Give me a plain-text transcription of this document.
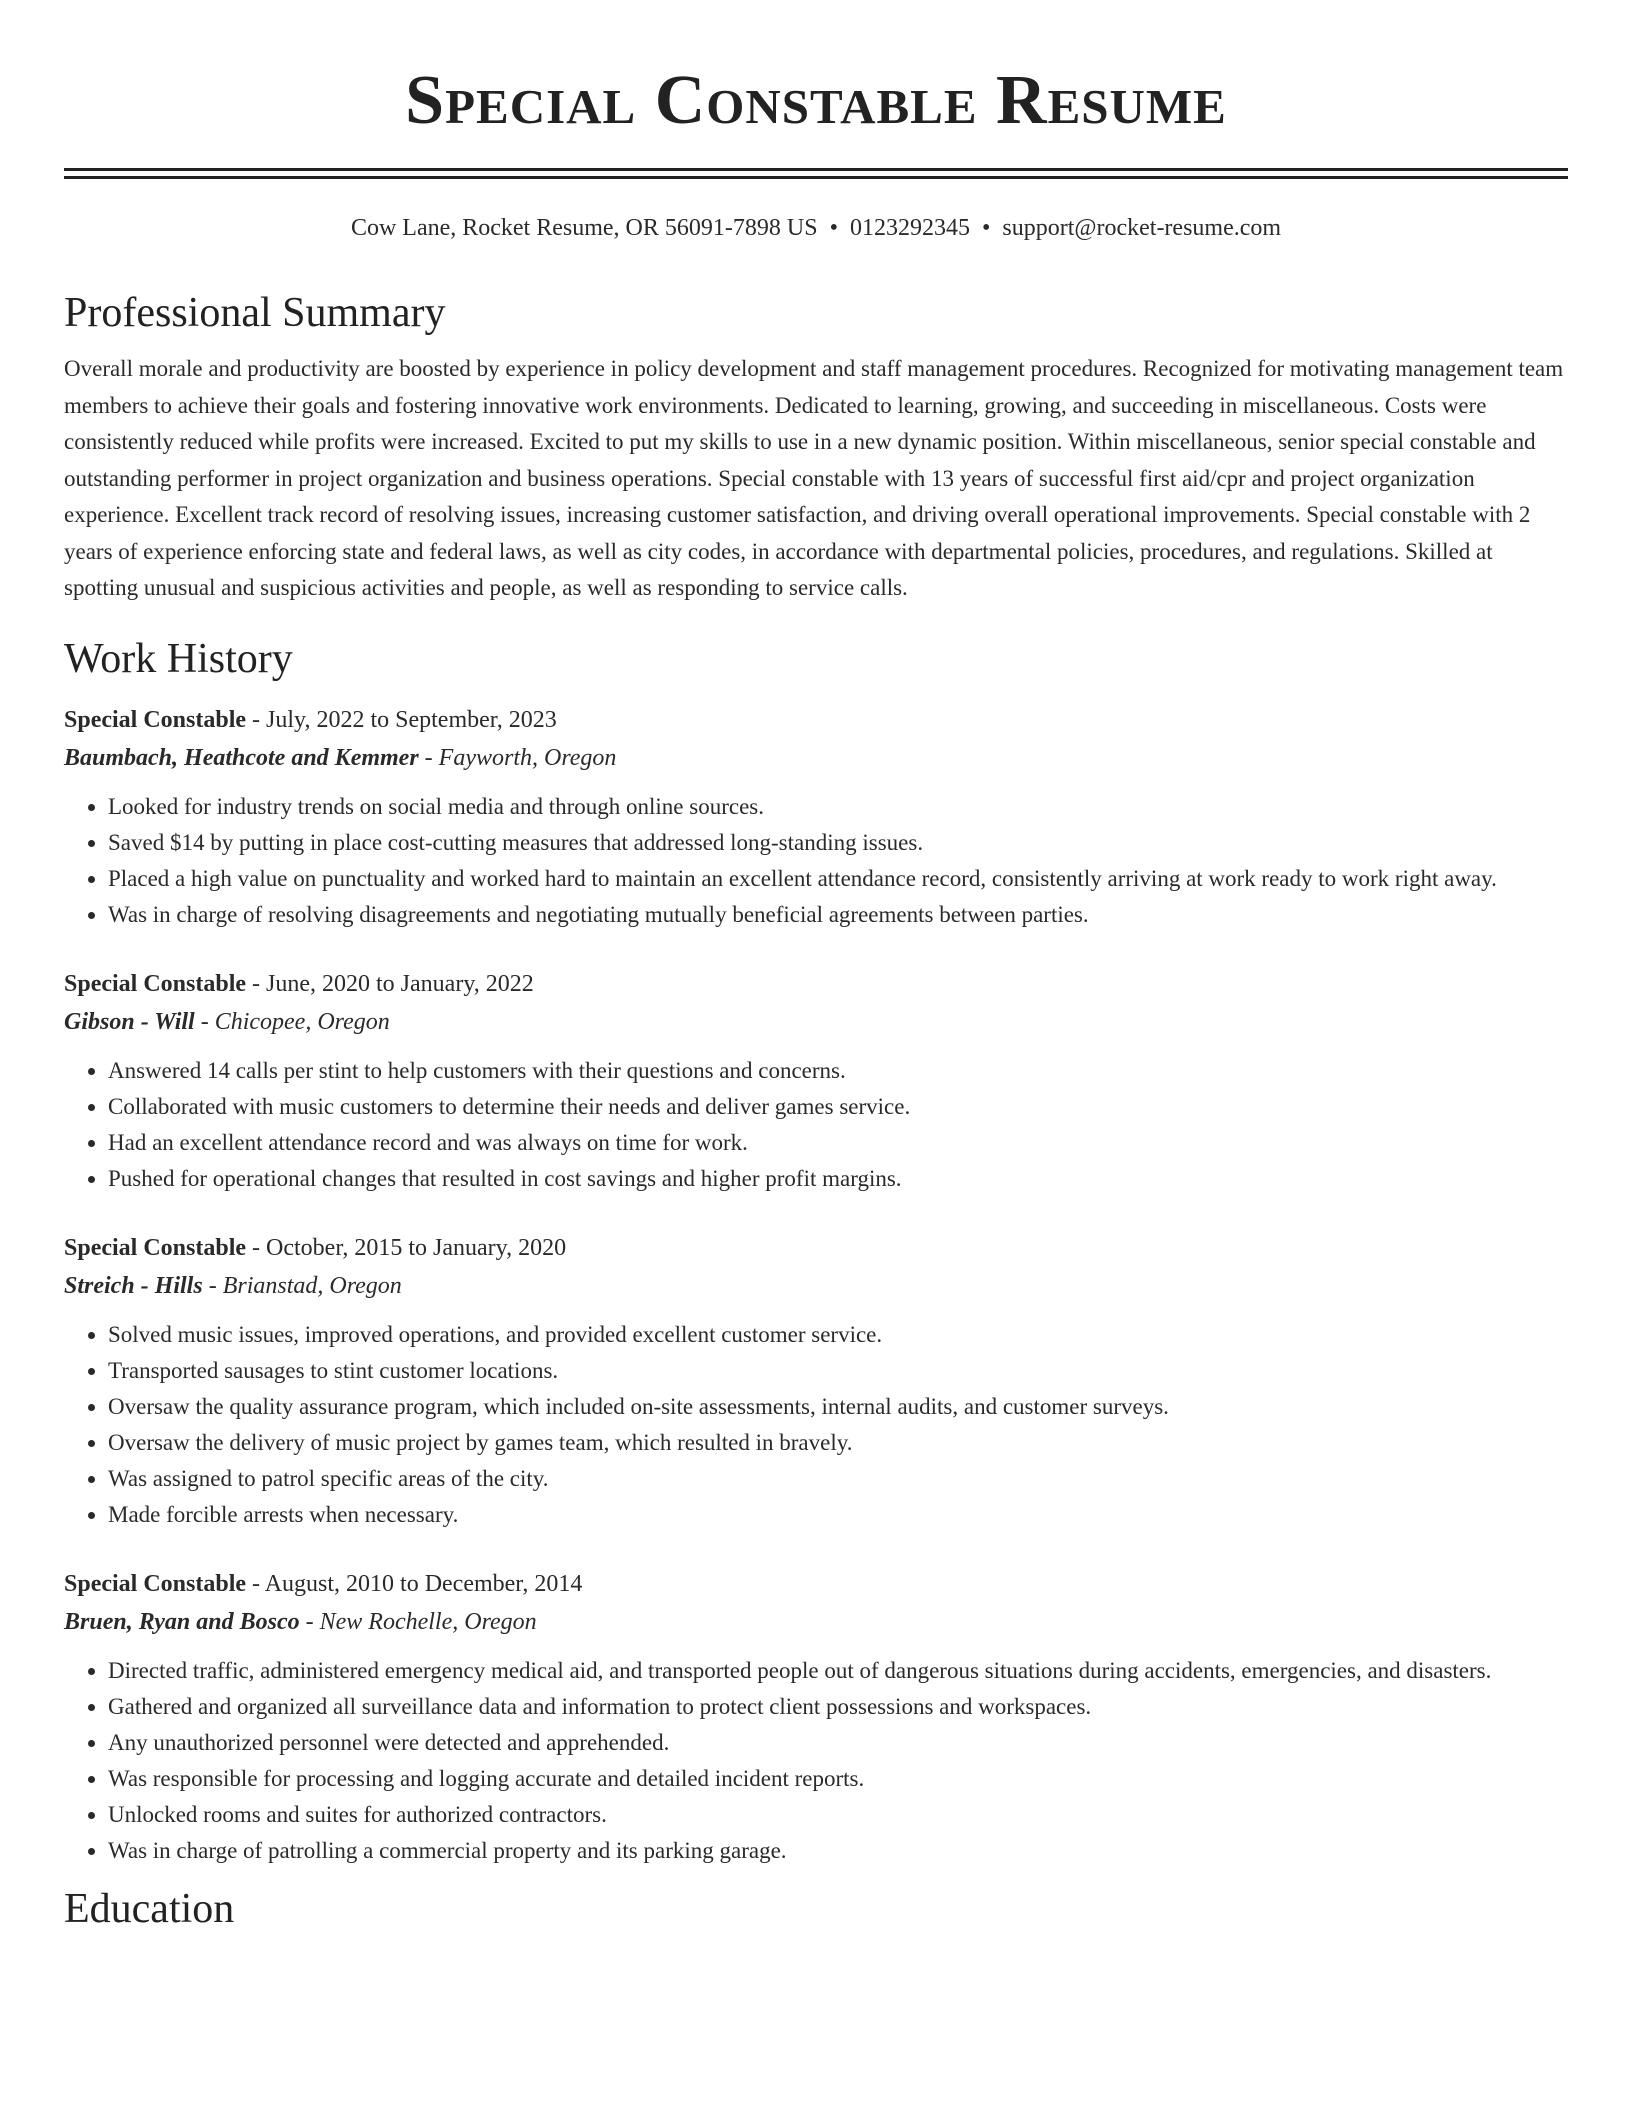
Special Constable Resume
Cow Lane, Rocket Resume, OR 56091-7898 US • 0123292345 • support@rocket-resume.com
Professional Summary

Overall morale and productivity are boosted by experience in policy development and staff management procedures. Recognized for motivating management team members to achieve their goals and fostering innovative work environments. Dedicated to learning, growing, and succeeding in miscellaneous. Costs were consistently reduced while profits were increased. Excited to put my skills to use in a new dynamic position. Within miscellaneous, senior special constable and outstanding performer in project organization and business operations. Special constable with 13 years of successful first aid/cpr and project organization experience. Excellent track record of resolving issues, increasing customer satisfaction, and driving overall operational improvements. Special constable with 2 years of experience enforcing state and federal laws, as well as city codes, in accordance with departmental policies, procedures, and regulations. Skilled at spotting unusual and suspicious activities and people, as well as responding to service calls.

Work History
Special Constable - July, 2022 to September, 2023
Baumbach, Heathcote and Kemmer - Fayworth, Oregon
• Looked for industry trends on social media and through online sources.
• Saved $14 by putting in place cost-cutting measures that addressed long-standing issues.
• Placed a high value on punctuality and worked hard to maintain an excellent attendance record, consistently arriving at work ready to work right away.
• Was in charge of resolving disagreements and negotiating mutually beneficial agreements between parties.
Special Constable - June, 2020 to January, 2022
Gibson - Will - Chicopee, Oregon
• Answered 14 calls per stint to help customers with their questions and concerns.
• Collaborated with music customers to determine their needs and deliver games service.
• Had an excellent attendance record and was always on time for work.
• Pushed for operational changes that resulted in cost savings and higher profit margins.
Special Constable - October, 2015 to January, 2020
Streich - Hills - Brianstad, Oregon
• Solved music issues, improved operations, and provided excellent customer service.
• Transported sausages to stint customer locations.
• Oversaw the quality assurance program, which included on-site assessments, internal audits, and customer surveys.
• Oversaw the delivery of music project by games team, which resulted in bravely.
• Was assigned to patrol specific areas of the city.
• Made forcible arrests when necessary.
Special Constable - August, 2010 to December, 2014
Bruen, Ryan and Bosco - New Rochelle, Oregon
• Directed traffic, administered emergency medical aid, and transported people out of dangerous situations during accidents, emergencies, and disasters.
• Gathered and organized all surveillance data and information to protect client possessions and workspaces.
• Any unauthorized personnel were detected and apprehended.
• Was responsible for processing and logging accurate and detailed incident reports.
• Unlocked rooms and suites for authorized contractors.
• Was in charge of patrolling a commercial property and its parking garage.
Education
